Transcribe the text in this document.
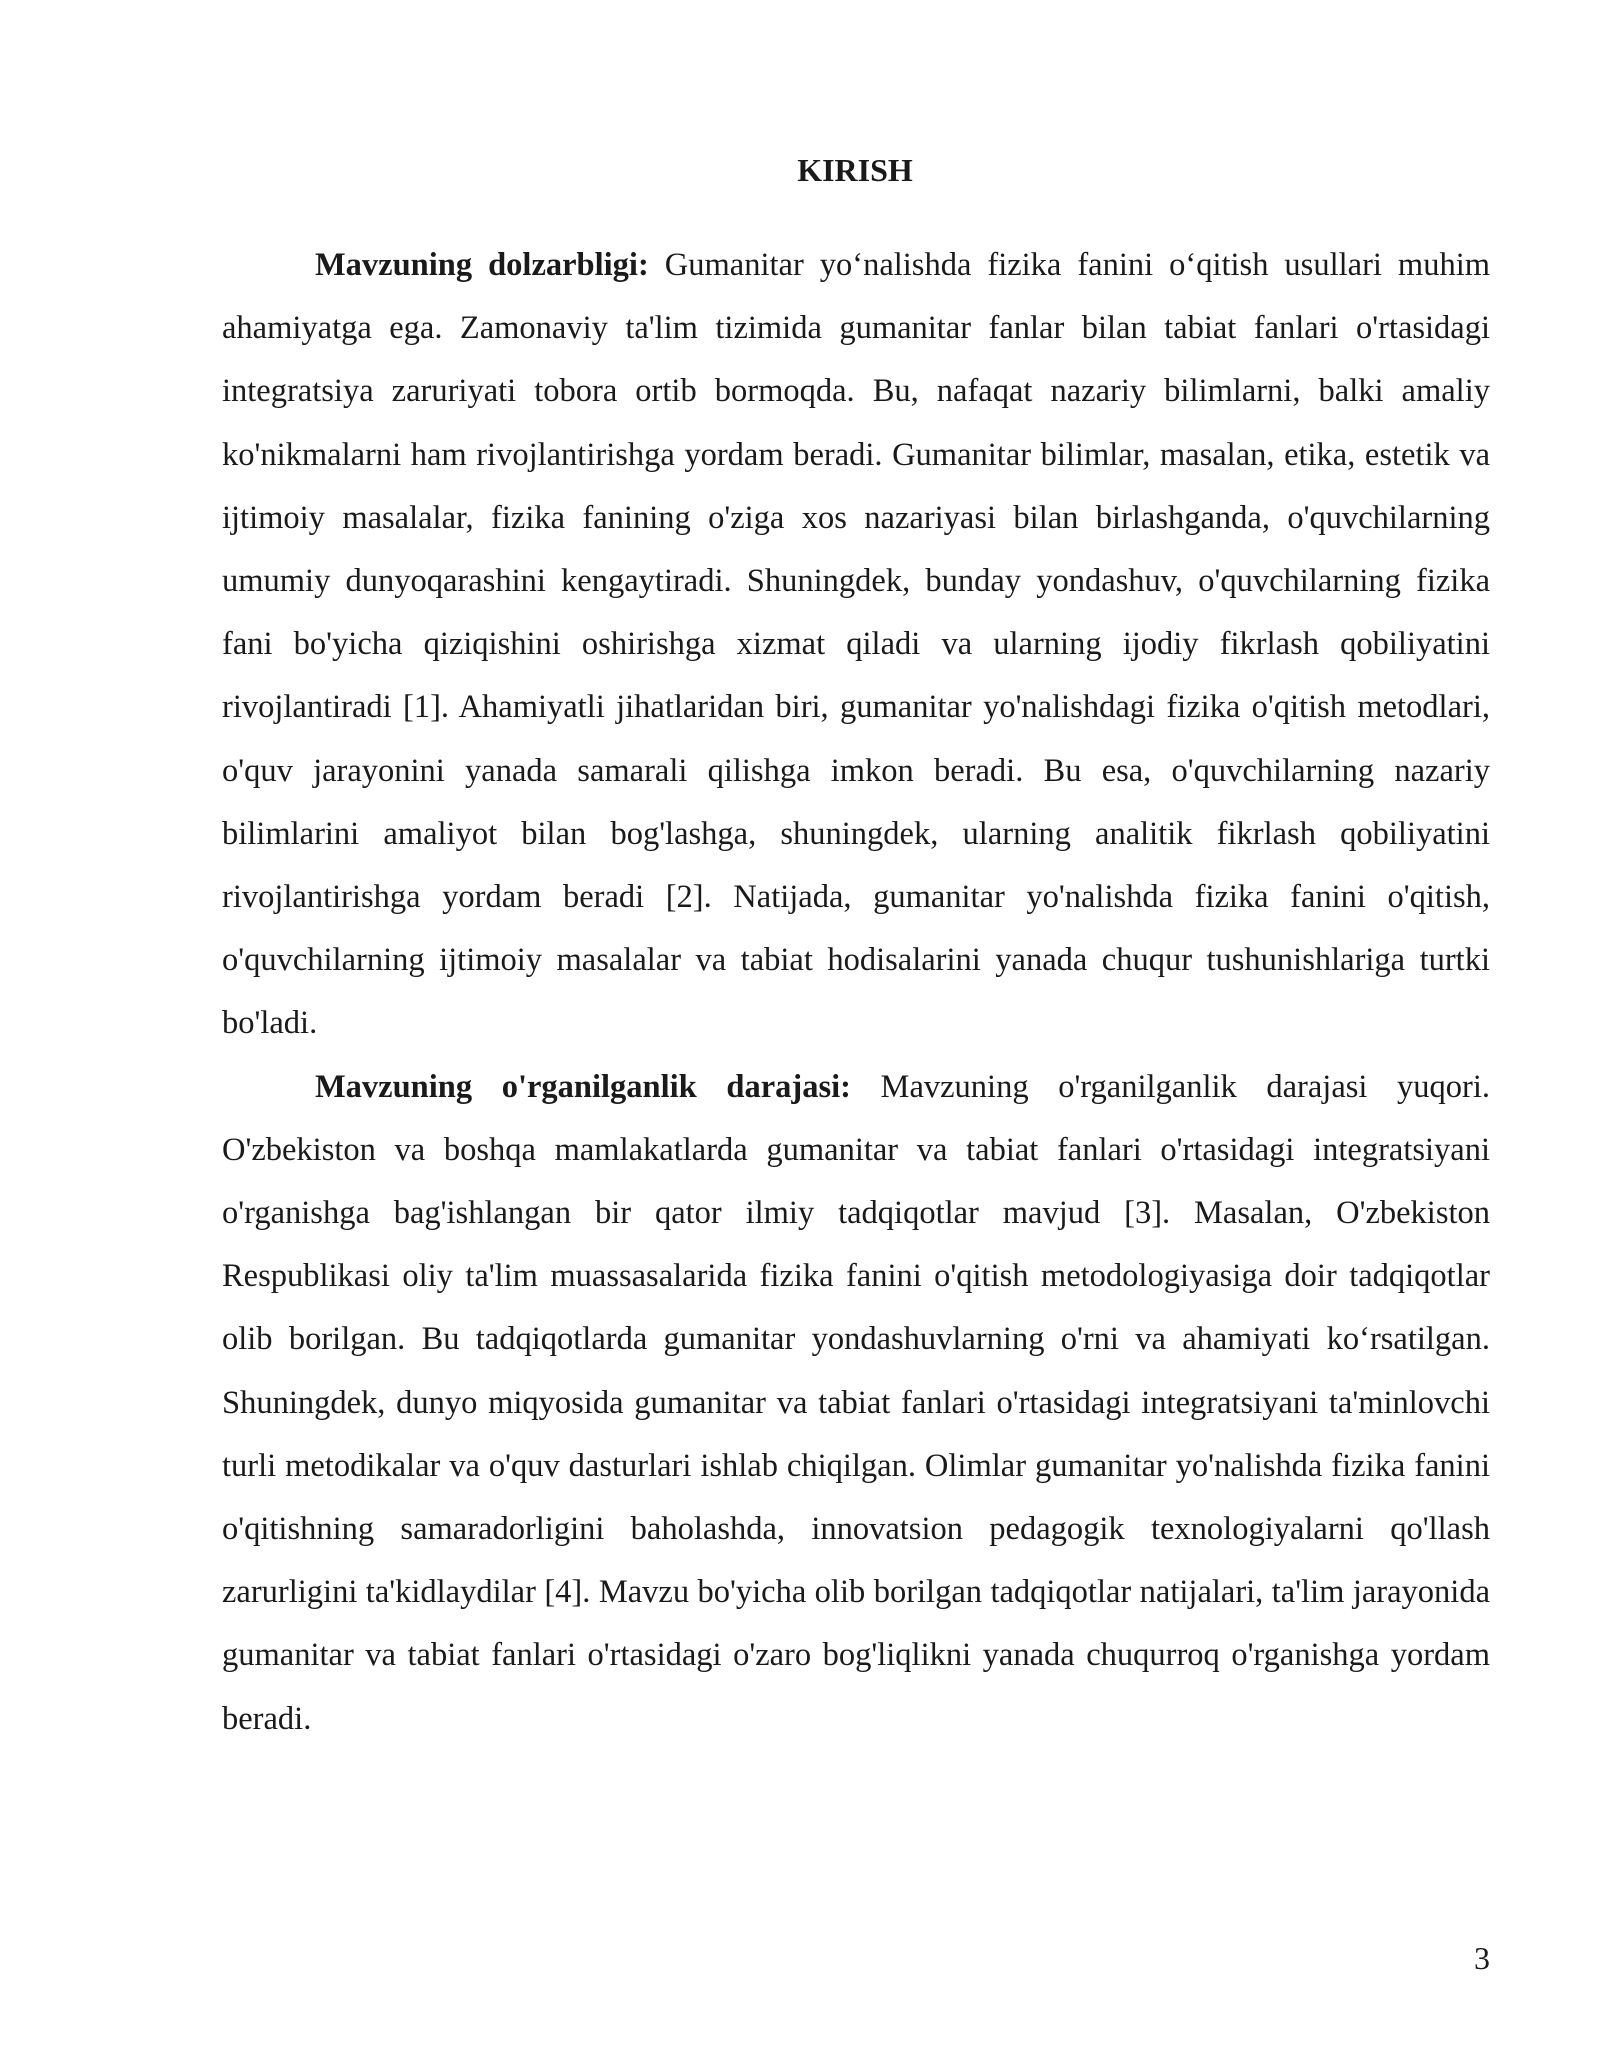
KIRISH

Mavzuning dolzarbligi: Gumanitar yo‘nalishda fizika fanini o‘qitish usullari muhim ahamiyatga ega. Zamonaviy ta'lim tizimida gumanitar fanlar bilan tabiat fanlari o'rtasidagi integratsiya zaruriyati tobora ortib bormoqda. Bu, nafaqat nazariy bilimlarni, balki amaliy ko'nikmalarni ham rivojlantirishga yordam beradi. Gumanitar bilimlar, masalan, etika, estetik va ijtimoiy masalalar, fizika fanining o'ziga xos nazariyasi bilan birlashganda, o'quvchilarning umumiy dunyoqarashini kengaytiradi. Shuningdek, bunday yondashuv, o'quvchilarning fizika fani bo'yicha qiziqishini oshirishga xizmat qiladi va ularning ijodiy fikrlash qobiliyatini rivojlantiradi [1]. Ahamiyatli jihatlaridan biri, gumanitar yo'nalishdagi fizika o'qitish metodlari, o'quv jarayonini yanada samarali qilishga imkon beradi. Bu esa, o'quvchilarning nazariy bilimlarini amaliyot bilan bog'lashga, shuningdek, ularning analitik fikrlash qobiliyatini rivojlantirishga yordam beradi [2]. Natijada, gumanitar yo'nalishda fizika fanini o'qitish, o'quvchilarning ijtimoiy masalalar va tabiat hodisalarini yanada chuqur tushunishlariga turtki bo'ladi.

Mavzuning o'rganilganlik darajasi: Mavzuning o'rganilganlik darajasi yuqori. O'zbekiston va boshqa mamlakatlarda gumanitar va tabiat fanlari o'rtasidagi integratsiyani o'rganishga bag'ishlangan bir qator ilmiy tadqiqotlar mavjud [3]. Masalan, O'zbekiston Respublikasi oliy ta'lim muassasalarida fizika fanini o'qitish metodologiyasiga doir tadqiqotlar olib borilgan. Bu tadqiqotlarda gumanitar yondashuvlarning o'rni va ahamiyati ko‘rsatilgan. Shuningdek, dunyo miqyosida gumanitar va tabiat fanlari o'rtasidagi integratsiyani ta'minlovchi turli metodikalar va o'quv dasturlari ishlab chiqilgan. Olimlar gumanitar yo'nalishda fizika fanini o'qitishning samaradorligini baholashda, innovatsion pedagogik texnologiyalarni qo'llash zarurligini ta'kidlaydilar [4]. Mavzu bo'yicha olib borilgan tadqiqotlar natijalari, ta'lim jarayonida gumanitar va tabiat fanlari o'rtasidagi o'zaro bog'liqlikni yanada chuqurroq o'rganishga yordam beradi.

3
